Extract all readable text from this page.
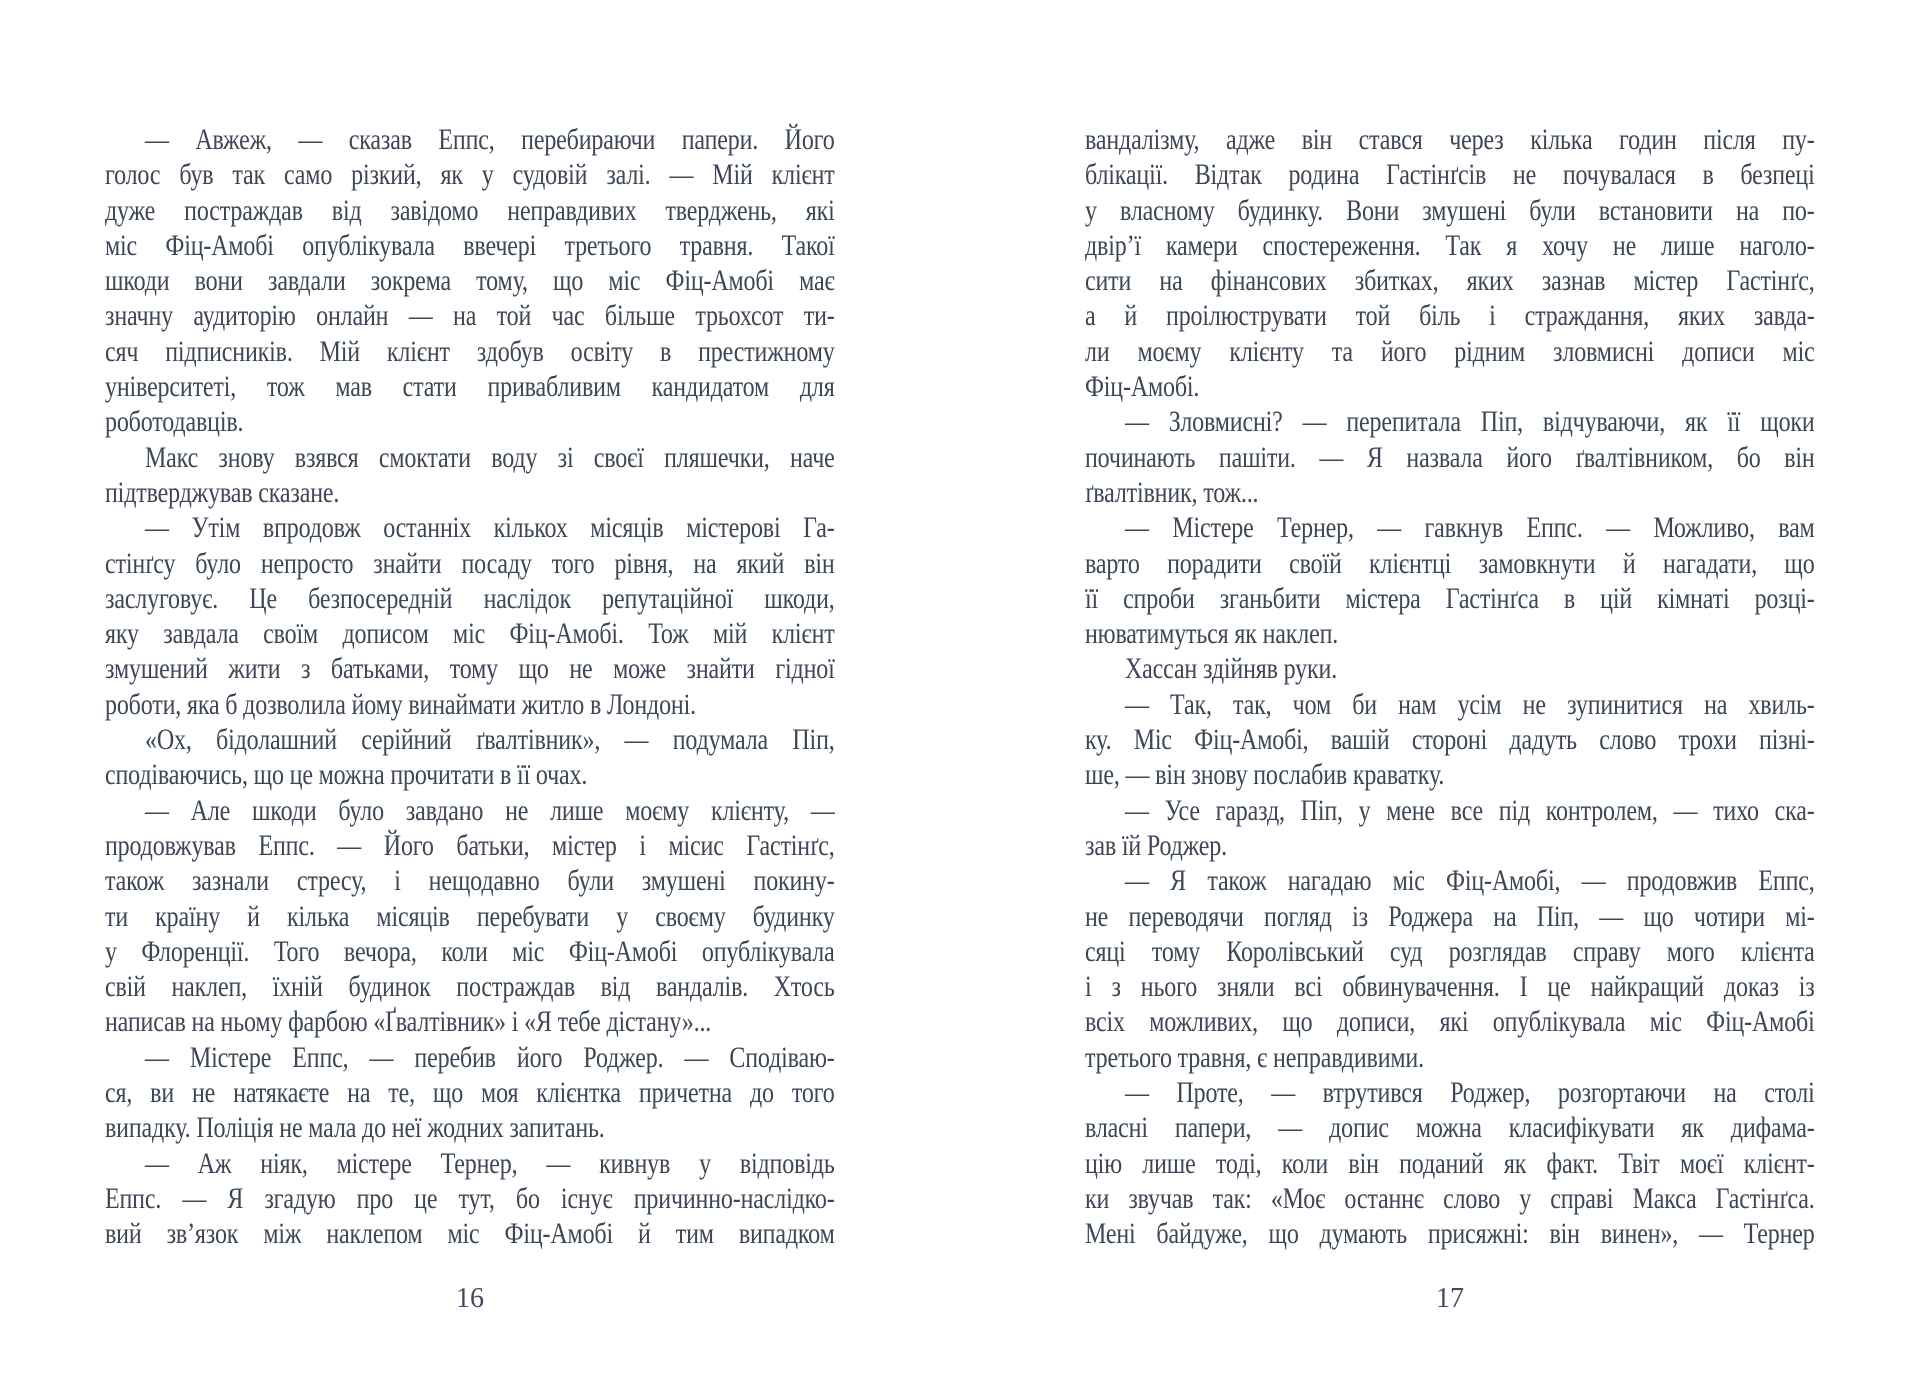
— Авжеж, — сказав Еппс, перебираючи папери. Його
голос був так само різкий, як у судовій залі. — Мій клієнт
дуже постраждав від завідомо неправдивих тверджень, які
міс Фіц-Амобі опублікувала ввечері третього травня. Такої
шкоди вони завдали зокрема тому, що міс Фіц-Амобі має
значну аудиторію онлайн — на той час більше трьохсот ти-
сяч підписників. Мій клієнт здобув освіту в престижному
університеті, тож мав стати привабливим кандидатом для
роботодавців.
Макс знову взявся смоктати воду зі своєї пляшечки, наче
підтверджував сказане.
— Утім впродовж останніх кількох місяців містерові Га-
стінґсу було непросто знайти посаду того рівня, на який він
заслуговує. Це безпосередній наслідок репутаційної шкоди,
яку завдала своїм дописом міс Фіц-Амобі. Тож мій клієнт
змушений жити з батьками, тому що не може знайти гідної
роботи, яка б дозволила йому винаймати житло в Лондоні.
«Ох, бідолашний серійний ґвалтівник», — подумала Піп,
сподіваючись, що це можна прочитати в її очах.
— Але шкоди було завдано не лише моєму клієнту, —
продовжував Еппс. — Його батьки, містер і місис Гастінґс,
також зазнали стресу, і нещодавно були змушені покину-
ти країну й кілька місяців перебувати у своєму будинку
у Флоренції. Того вечора, коли міс Фіц-Амобі опублікувала
свій наклеп, їхній будинок постраждав від вандалів. Хтось
написав на ньому фарбою «Ґвалтівник» і «Я тебе дістану»...
— Містере Еппс, — перебив його Роджер. — Сподіваю-
ся, ви не натякаєте на те, що моя клієнтка причетна до того
випадку. Поліція не мала до неї жодних запитань.
— Аж ніяк, містере Тернер, — кивнув у відповідь
Еппс. — Я згадую про це тут, бо існує причинно-наслідко-
вий зв’язок між наклепом міс Фіц-Амобі й тим випадком
вандалізму, адже він стався через кілька годин після пу-
блікації. Відтак родина Гастінґсів не почувалася в безпеці
у власному будинку. Вони змушені були встановити на по-
двір’ї камери спостереження. Так я хочу не лише наголо-
сити на фінансових збитках, яких зазнав містер Гастінґс,
а й проілюструвати той біль і страждання, яких завда-
ли моєму клієнту та його рідним зловмисні дописи міс
Фіц-Амобі.
— Зловмисні? — перепитала Піп, відчуваючи, як її щоки
починають пашіти. — Я назвала його ґвалтівником, бо він
ґвалтівник, тож...
— Містере Тернер, — гавкнув Еппс. — Можливо, вам
варто порадити своїй клієнтці замовкнути й нагадати, що
її спроби зганьбити містера Гастінґса в цій кімнаті розці-
нюватимуться як наклеп.
Хассан здійняв руки.
— Так, так, чом би нам усім не зупинитися на хвиль-
ку. Міс Фіц-Амобі, вашій стороні дадуть слово трохи пізні-
ше, — він знову послабив краватку.
— Усе гаразд, Піп, у мене все під контролем, — тихо ска-
зав їй Роджер.
— Я також нагадаю міс Фіц-Амобі, — продовжив Еппс,
не переводячи погляд із Роджера на Піп, — що чотири мі-
сяці тому Королівський суд розглядав справу мого клієнта
і з нього зняли всі обвинувачення. І це найкращий доказ із
всіх можливих, що дописи, які опублікувала міс Фіц-Амобі
третього травня, є неправдивими.
— Проте, — втрутився Роджер, розгортаючи на столі
власні папери, — допис можна класифікувати як дифама-
цію лише тоді, коли він поданий як факт. Твіт моєї клієнт-
ки звучав так: «Моє останнє слово у справі Макса Гастінґса.
Мені байдуже, що думають присяжні: він винен», — Тернер
16	17
